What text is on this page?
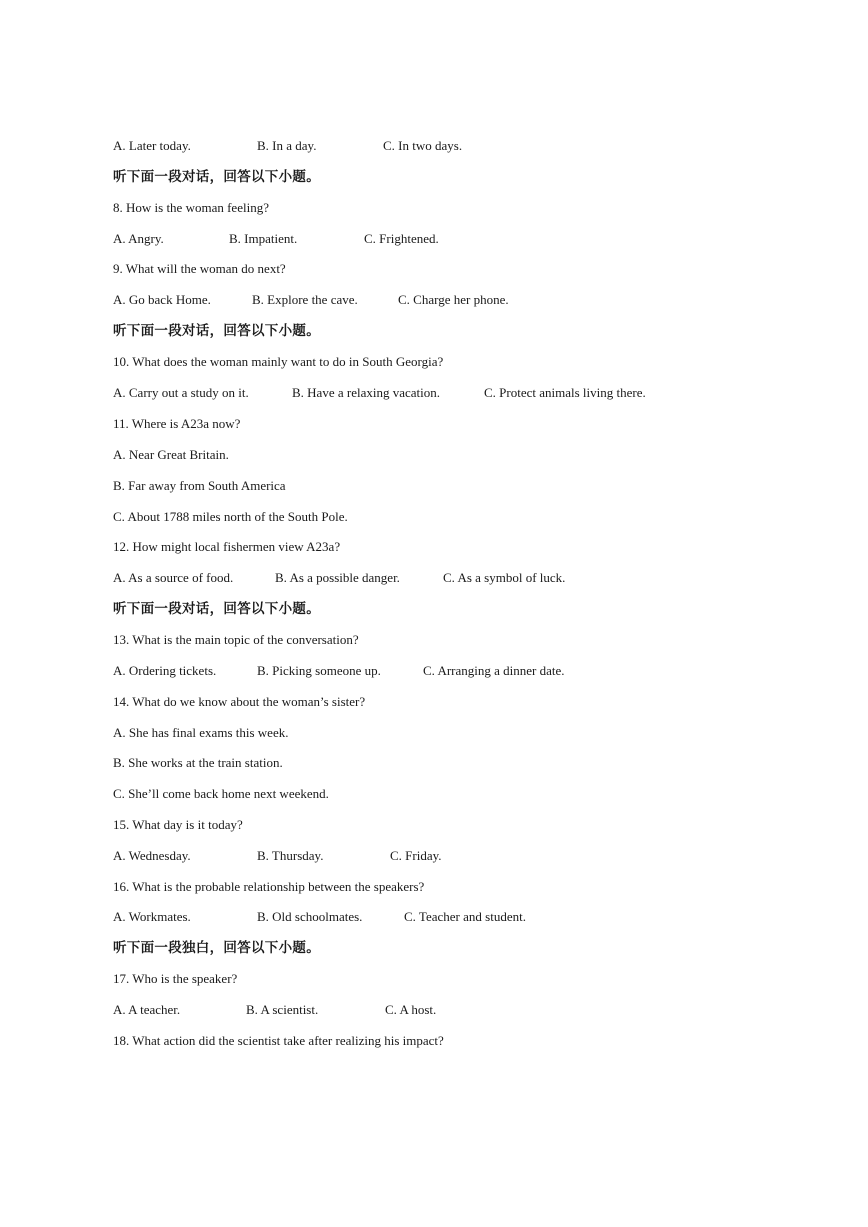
A. Later today.	B. In a day.	C. In two days.
听下面一段对话，回答以下小题。
8. How is the woman feeling?
A. Angry.	B. Impatient.	C. Frightened.
9. What will the woman do next?
A. Go back Home.	B. Explore the cave.	C. Charge her phone.
听下面一段对话，回答以下小题。
10. What does the woman mainly want to do in South Georgia?
A. Carry out a study on it.	B. Have a relaxing vacation.	C. Protect animals living there.
11. Where is A23a now?
A. Near Great Britain.
B. Far away from South America
C. About 1788 miles north of the South Pole.
12. How might local fishermen view A23a?
A. As a source of food.	B. As a possible danger.	C. As a symbol of luck.
听下面一段对话，回答以下小题。
13. What is the main topic of the conversation?
A. Ordering tickets.	B. Picking someone up.	C. Arranging a dinner date.
14. What do we know about the woman’s sister?
A. She has final exams this week.
B. She works at the train station.
C. She’ll come back home next weekend.
15. What day is it today?
A. Wednesday.	B. Thursday.	C. Friday.
16. What is the probable relationship between the speakers?
A. Workmates.	B. Old schoolmates.	C. Teacher and student.
听下面一段独白，回答以下小题。
17. Who is the speaker?
A. A teacher.	B. A scientist.	C. A host.
18. What action did the scientist take after realizing his impact?
